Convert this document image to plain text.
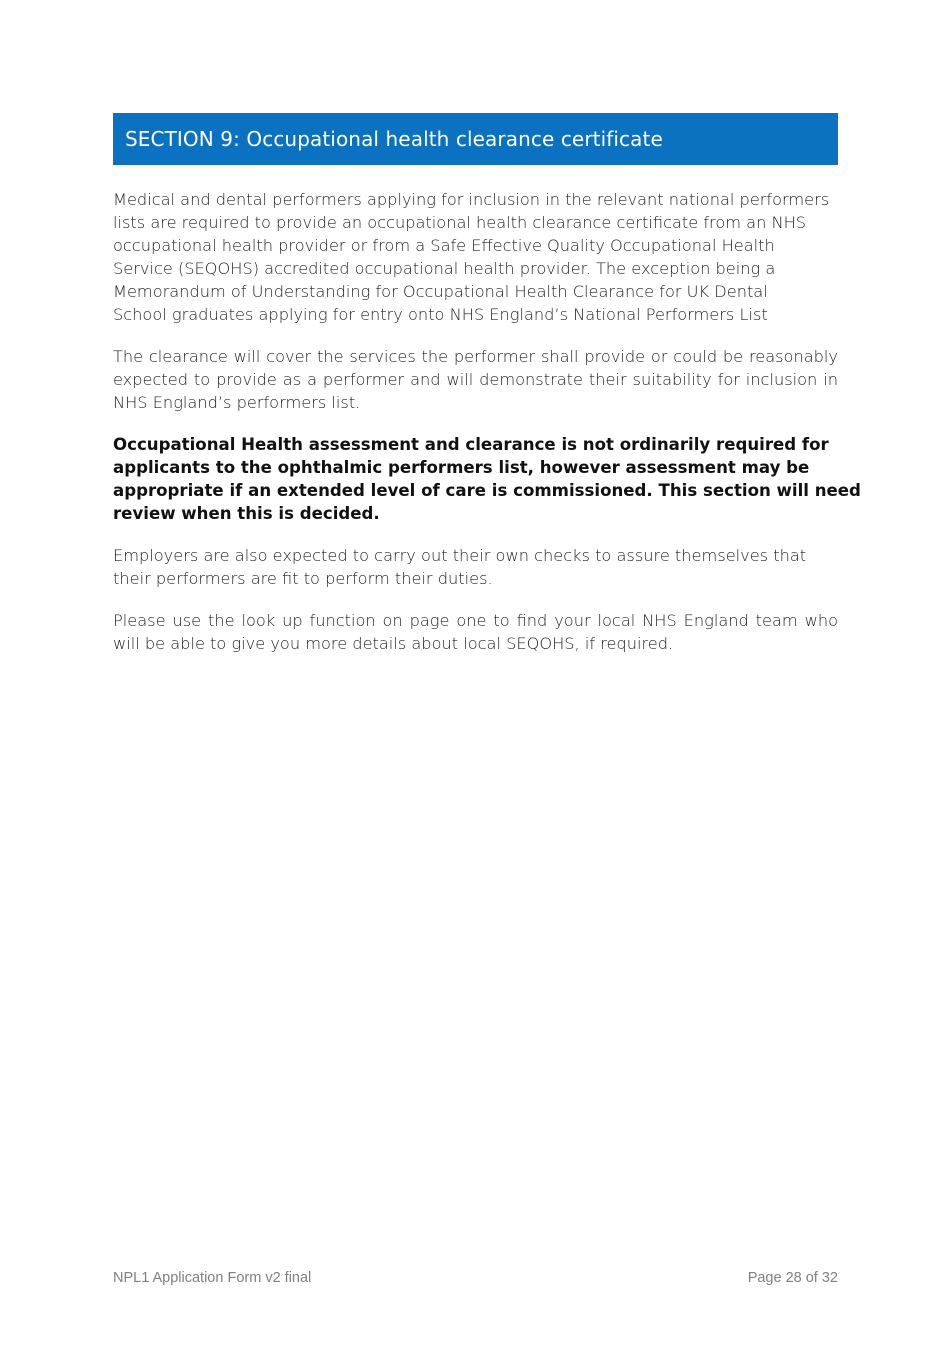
SECTION 9: Occupational health clearance certificate

Medical and dental performers applying for inclusion in the relevant national performers
lists are required to provide an occupational health clearance certificate from an NHS
occupational health provider or from a Safe Effective Quality Occupational Health
Service (SEQOHS) accredited occupational health provider. The exception being a
Memorandum of Understanding for Occupational Health Clearance for UK Dental
School graduates applying for entry onto NHS England’s National Performers List

The clearance will cover the services the performer shall provide or could be reasonably expected to provide as a performer and will demonstrate their suitability for inclusion in NHS England’s performers list.

Occupational Health assessment and clearance is not ordinarily required for
applicants to the ophthalmic performers list, however assessment may be
appropriate if an extended level of care is commissioned. This section will need
review when this is decided.

Employers are also expected to carry out their own checks to assure themselves that
their performers are fit to perform their duties.

Please use the look up function on page one to find your local NHS England team who will be able to give you more details about local SEQOHS, if required.

NPL1 Application Form v2 final	Page 28 of 32
